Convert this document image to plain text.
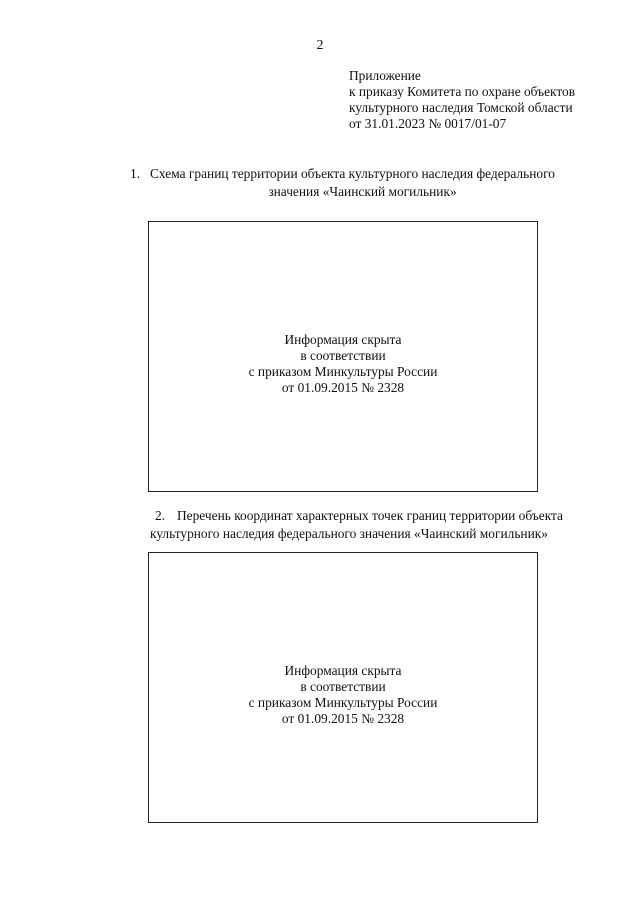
2
Приложение
к приказу Комитета по охране объектов
культурного наследия Томской области
от 31.01.2023 № 0017/01-07
1. Схема границ территории объекта культурного наследия федерального
значения «Чаинский могильник»
Информация скрыта
в соответствии
с приказом Минкультуры России
от 01.09.2015 № 2328
2. Перечень координат характерных точек границ территории объекта
культурного наследия федерального значения «Чаинский могильник»
Информация скрыта
в соответствии
с приказом Минкультуры России
от 01.09.2015 № 2328
